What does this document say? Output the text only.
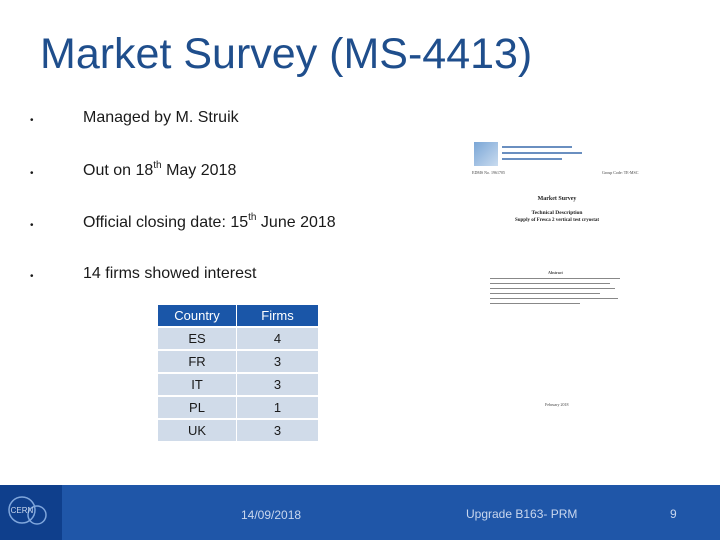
Market Survey (MS-4413)
•	Managed by M. Struik
•	Out on 18th May 2018
•	Official closing date: 15th June 2018
•	14 firms showed interest
Country	Firms
ES	4
FR	3
IT	3
PL	1
UK	3
EDMS No. 1961705	Group Code: TE-MSC
Market Survey
Technical Description
Supply of Fresca 2 vertical test cryostat
Abstract
February 2018
CERN	14/09/2018	Upgrade B163- PRM	9
